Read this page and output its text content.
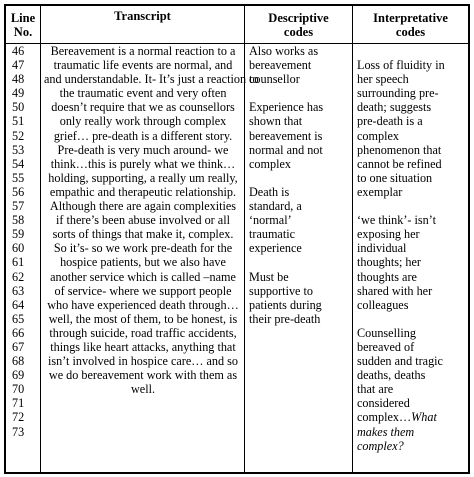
Line
No.
Transcript	Descriptive
codes
Interpretative
codes
46
47
48
49
50
51
52
53
54
55
56
57
58
59
60
61
62
63
64
65
66
67
68
69
70
71
72
73
Bereavement is a normal reaction to a
traumatic life events are normal, and
and understandable. It- It’s just a reaction to
the traumatic event and very often
doesn’t require that we as counsellors
only really work through complex
grief… pre-death is a different story.
Pre-death is very much around- we
think…this is purely what we think…
holding, supporting, a really um really,
empathic and therapeutic relationship.
Although there are again complexities
if there’s been abuse involved or all
sorts of things that make it, complex.
So it’s- so we work pre-death for the
hospice patients, but we also have
another service which is called –name
of service- where we support people
who have experienced death through…
well, the most of them, to be honest, is
through suicide, road traffic accidents,
things like heart attacks, anything that
isn’t involved in hospice care… and so
we do bereavement work with them as
well.
Also works as
bereavement
counsellor
Experience has
shown that
bereavement is
normal and not
complex
Death is
standard, a
‘normal’
traumatic
experience
Must be
supportive to
patients during
their pre-death
Loss of fluidity in
her speech
surrounding pre-
death; suggests
pre-death is a
complex
phenomenon that
cannot be refined
to one situation
exemplar
‘we think’- isn’t
exposing her
individual
thoughts; her
thoughts are
shared with her
colleagues
Counselling
bereaved of
sudden and tragic
deaths, deaths
that are
considered
complex…What
makes them
complex?
